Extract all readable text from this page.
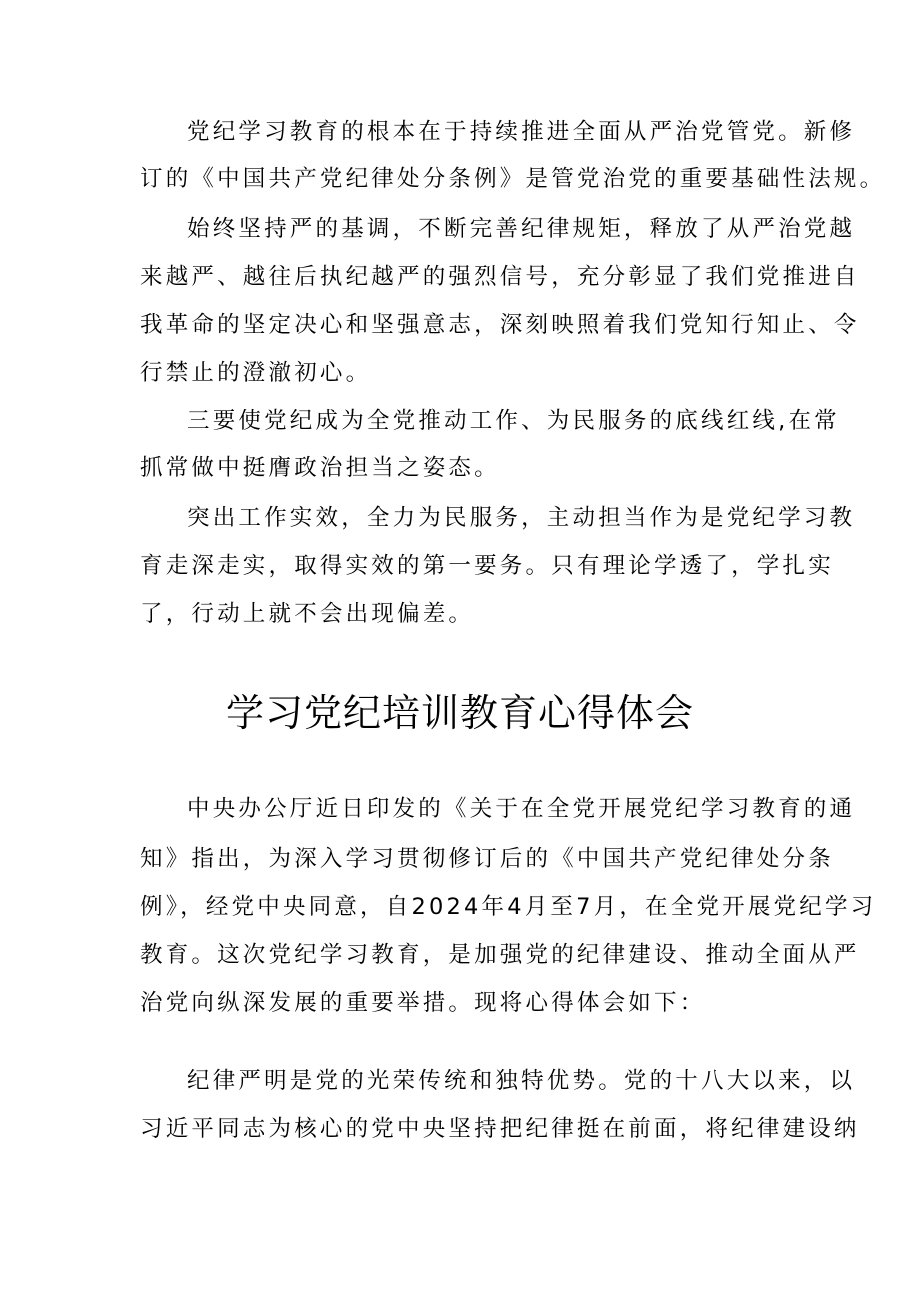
党纪学习教育的根本在于持续推进全面从严治党管党。新修
订的《中国共产党纪律处分条例》是管党治党的重要基础性法规。
始终坚持严的基调，不断完善纪律规矩，释放了从严治党越
来越严、越往后执纪越严的强烈信号，充分彰显了我们党推进自
我革命的坚定决心和坚强意志，深刻映照着我们党知行知止、令
行禁止的澄澈初心。
三要使党纪成为全党推动工作、为民服务的底线红线,在常
抓常做中挺膺政治担当之姿态。
突出工作实效，全力为民服务，主动担当作为是党纪学习教
育走深走实，取得实效的第一要务。只有理论学透了，学扎实
了，行动上就不会出现偏差。
学习党纪培训教育心得体会
中央办公厅近日印发的《关于在全党开展党纪学习教育的通
知》指出，为深入学习贯彻修订后的《中国共产党纪律处分条
例》，经党中央同意，自2024年4月至7月，在全党开展党纪学习
教育。这次党纪学习教育，是加强党的纪律建设、推动全面从严
治党向纵深发展的重要举措。现将心得体会如下：
纪律严明是党的光荣传统和独特优势。党的十八大以来，以
习近平同志为核心的党中央坚持把纪律挺在前面，将纪律建设纳
